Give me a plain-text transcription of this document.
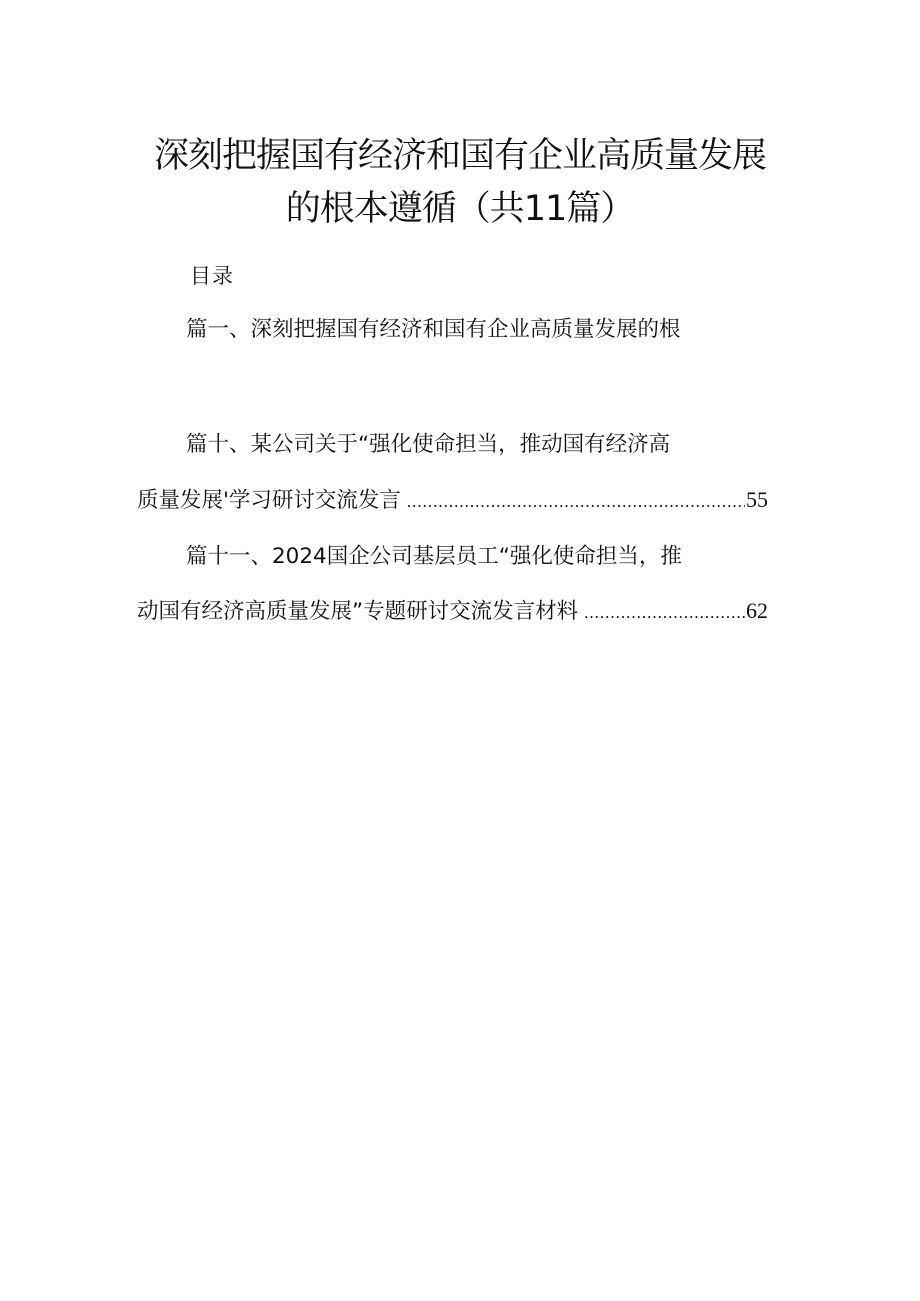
深刻把握国有经济和国有企业高质量发展
的根本遵循（共11篇）
目录
篇一、深刻把握国有经济和国有企业高质量发展的根
篇十、某公司关于“强化使命担当，推动国有经济高
质量发展'学习研讨交流发言 .....	55
篇十一、2024国企公司基层员工“强化使命担当，推
动国有经济高质量发展”专题研讨交流发言材料 .....	62
